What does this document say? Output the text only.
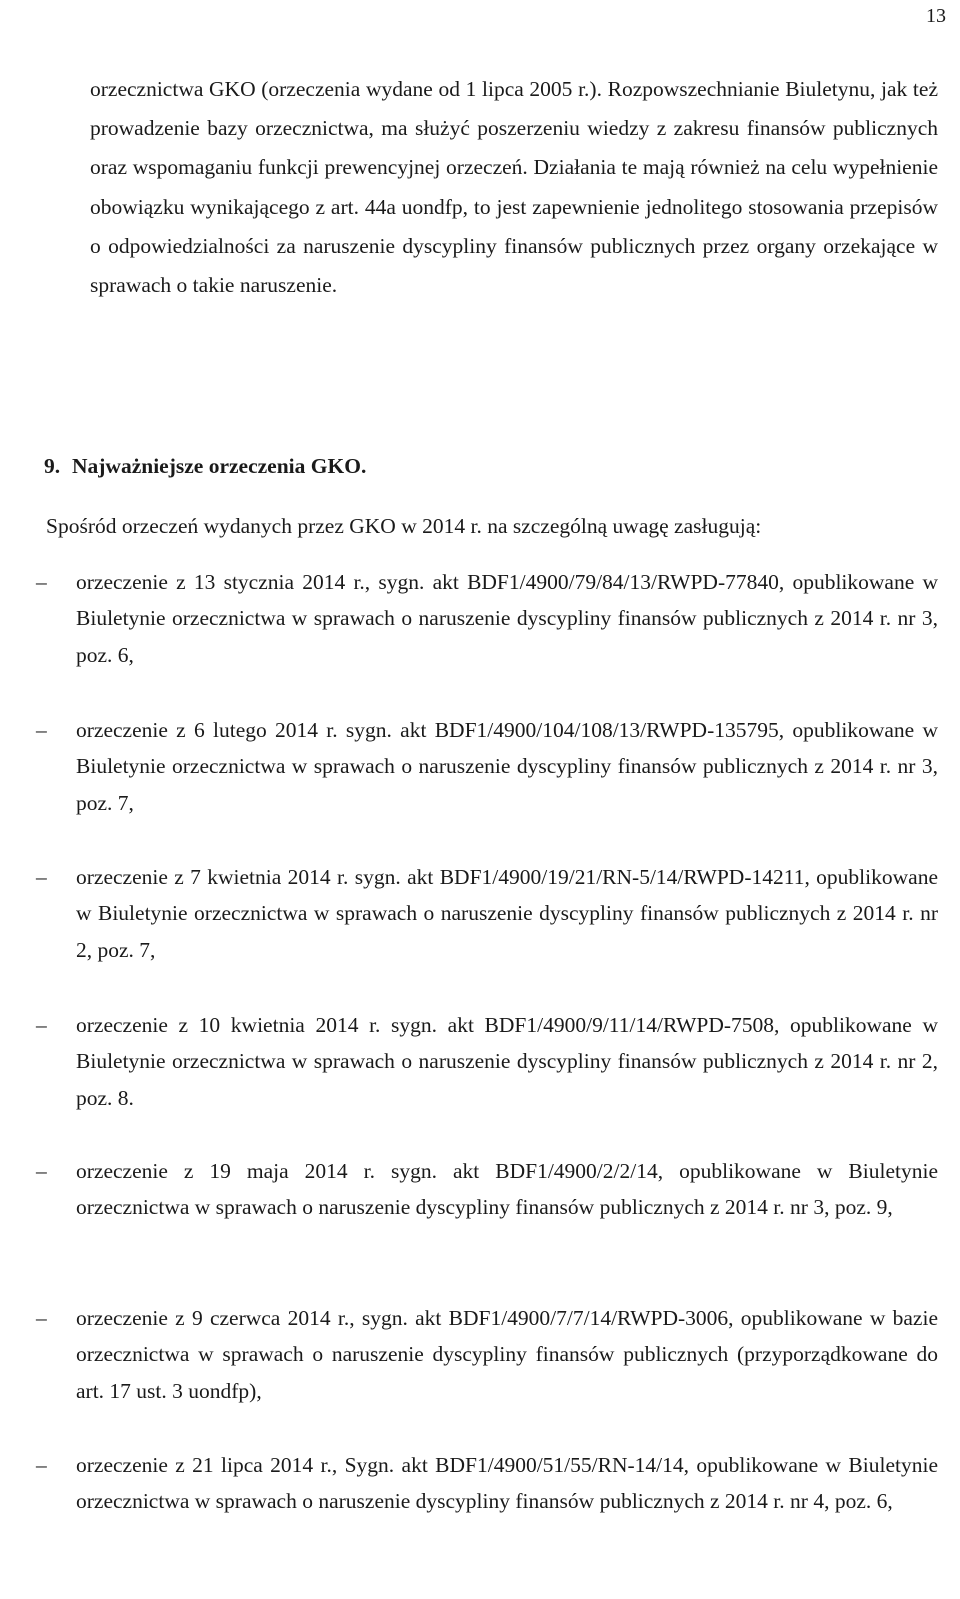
13

orzecznictwa GKO (orzeczenia wydane od 1 lipca 2005 r.). Rozpowszechnianie Biuletynu, jak też prowadzenie bazy orzecznictwa, ma służyć poszerzeniu wiedzy z zakresu finansów publicznych oraz wspomaganiu funkcji prewencyjnej orzeczeń. Działania te mają również na celu wypełnienie obowiązku wynikającego z art. 44a uondfp, to jest zapewnienie jednolitego stosowania przepisów o odpowiedzialności za naruszenie dyscypliny finansów publicznych przez organy orzekające w sprawach o takie naruszenie.

9. Najważniejsze orzeczenia GKO.

Spośród orzeczeń wydanych przez GKO w 2014 r. na szczególną uwagę zasługują:

–	orzeczenie z 13 stycznia 2014 r., sygn. akt BDF1/4900/79/84/13/RWPD-77840, opublikowane w Biuletynie orzecznictwa w sprawach o naruszenie dyscypliny finansów publicznych z 2014 r. nr 3, poz. 6,
–	orzeczenie z 6 lutego 2014 r. sygn. akt BDF1/4900/104/108/13/RWPD-135795, opublikowane w Biuletynie orzecznictwa w sprawach o naruszenie dyscypliny finansów publicznych z 2014 r. nr 3, poz. 7,
–	orzeczenie z 7 kwietnia 2014 r. sygn. akt BDF1/4900/19/21/RN-5/14/RWPD-14211, opublikowane w Biuletynie orzecznictwa w sprawach o naruszenie dyscypliny finansów publicznych z 2014 r. nr 2, poz. 7,
–	orzeczenie z 10 kwietnia 2014 r. sygn. akt BDF1/4900/9/11/14/RWPD-7508, opublikowane w Biuletynie orzecznictwa w sprawach o naruszenie dyscypliny finansów publicznych z 2014 r. nr 2, poz. 8.
–	orzeczenie z 19 maja 2014 r. sygn. akt BDF1/4900/2/2/14, opublikowane w Biuletynie orzecznictwa w sprawach o naruszenie dyscypliny finansów publicznych z 2014 r. nr 3, poz. 9,
–	orzeczenie z 9 czerwca 2014 r., sygn. akt BDF1/4900/7/7/14/RWPD-3006, opublikowane w bazie orzecznictwa w sprawach o naruszenie dyscypliny finansów publicznych (przyporządkowane do art. 17 ust. 3 uondfp),
–	orzeczenie z 21 lipca 2014 r., Sygn. akt BDF1/4900/51/55/RN-14/14, opublikowane w Biuletynie orzecznictwa w sprawach o naruszenie dyscypliny finansów publicznych z 2014 r. nr 4, poz. 6,
